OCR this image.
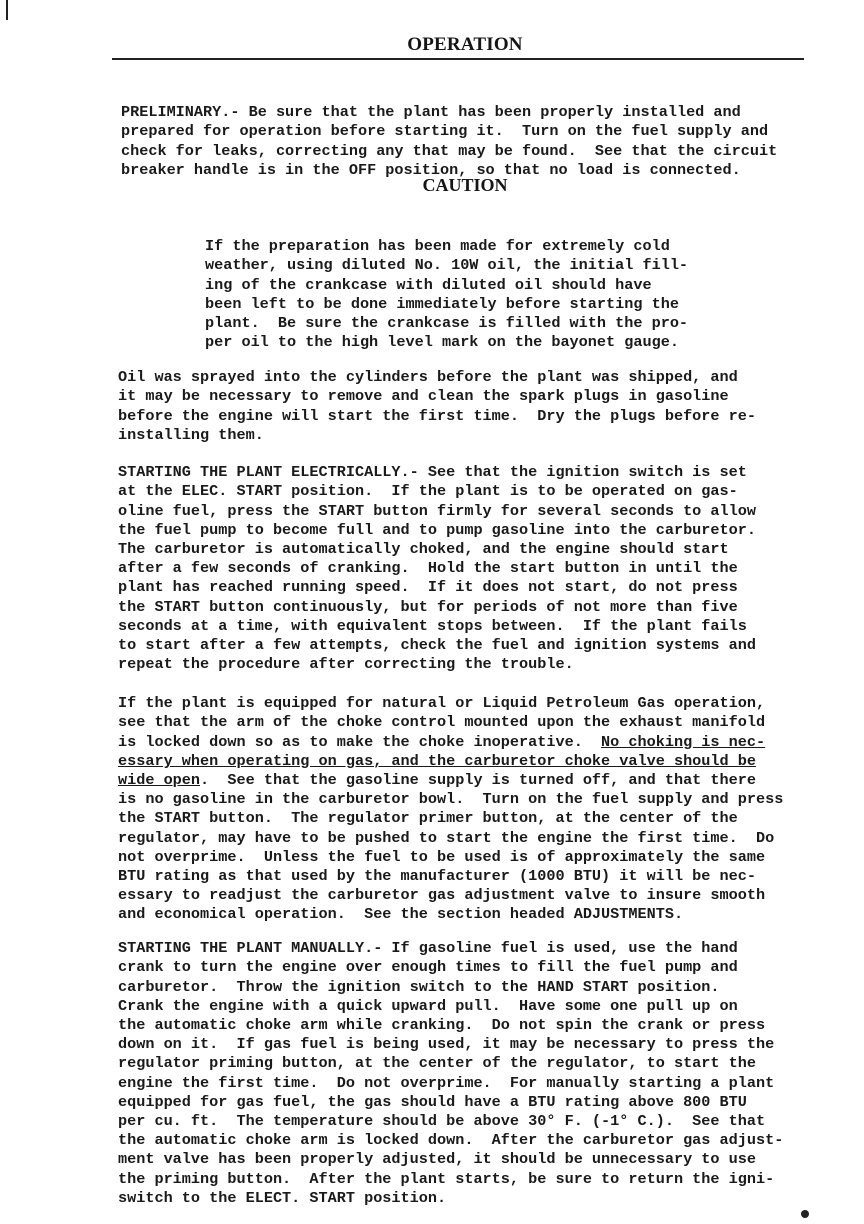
OPERATION

PRELIMINARY.- Be sure that the plant has been properly installed and
prepared for operation before starting it.  Turn on the fuel supply and
check for leaks, correcting any that may be found.  See that the circuit
breaker handle is in the OFF position, so that no load is connected.
CAUTION

If the preparation has been made for extremely cold
weather, using diluted No. 10W oil, the initial fill-
ing of the crankcase with diluted oil should have
been left to be done immediately before starting the
plant.  Be sure the crankcase is filled with the pro-
per oil to the high level mark on the bayonet gauge.

Oil was sprayed into the cylinders before the plant was shipped, and
it may be necessary to remove and clean the spark plugs in gasoline
before the engine will start the first time.  Dry the plugs before re-
installing them.

STARTING THE PLANT ELECTRICALLY.- See that the ignition switch is set
at the ELEC. START position.  If the plant is to be operated on gas-
oline fuel, press the START button firmly for several seconds to allow
the fuel pump to become full and to pump gasoline into the carburetor.
The carburetor is automatically choked, and the engine should start
after a few seconds of cranking.  Hold the start button in until the
plant has reached running speed.  If it does not start, do not press
the START button continuously, but for periods of not more than five
seconds at a time, with equivalent stops between.  If the plant fails
to start after a few attempts, check the fuel and ignition systems and
repeat the procedure after correcting the trouble.

If the plant is equipped for natural or Liquid Petroleum Gas operation,
see that the arm of the choke control mounted upon the exhaust manifold
is locked down so as to make the choke inoperative.  No choking is nec-
essary when operating on gas, and the carburetor choke valve should be
wide open.  See that the gasoline supply is turned off, and that there
is no gasoline in the carburetor bowl.  Turn on the fuel supply and press
the START button.  The regulator primer button, at the center of the
regulator, may have to be pushed to start the engine the first time.  Do
not overprime.  Unless the fuel to be used is of approximately the same
BTU rating as that used by the manufacturer (1000 BTU) it will be nec-
essary to readjust the carburetor gas adjustment valve to insure smooth
and economical operation.  See the section headed ADJUSTMENTS.

STARTING THE PLANT MANUALLY.- If gasoline fuel is used, use the hand
crank to turn the engine over enough times to fill the fuel pump and
carburetor.  Throw the ignition switch to the HAND START position.
Crank the engine with a quick upward pull.  Have some one pull up on
the automatic choke arm while cranking.  Do not spin the crank or press
down on it.  If gas fuel is being used, it may be necessary to press the
regulator priming button, at the center of the regulator, to start the
engine the first time.  Do not overprime.  For manually starting a plant
equipped for gas fuel, the gas should have a BTU rating above 800 BTU
per cu. ft.  The temperature should be above 30° F. (-1° C.).  See that
the automatic choke arm is locked down.  After the carburetor gas adjust-
ment valve has been properly adjusted, it should be unnecessary to use
the priming button.  After the plant starts, be sure to return the igni-
switch to the ELECT. START position.
